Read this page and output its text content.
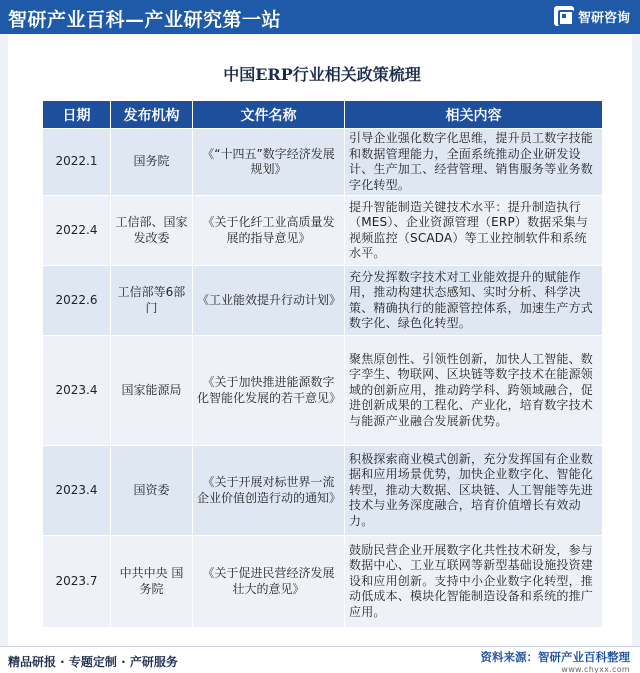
智研产业百科—产业研究第一站	智研咨询
中国ERP行业相关政策梳理
日期	发布机构	文件名称	相关内容
2022.1	国务院	《“十四五”数字经济发展规划》	引导企业强化数字化思维，提升员工数字技能和数据管理能力，全面系统推动企业研发设计、生产加工、经营管理、销售服务等业务数字化转型。
2022.4	工信部、国家发改委	《关于化纤工业高质量发展的指导意见》	提升智能制造关键技术水平：提升制造执行（MES）、企业资源管理（ERP）数据采集与视频监控（SCADA）等工业控制软件和系统水平。
2022.6	工信部等6部门	《工业能效提升行动计划》	充分发挥数字技术对工业能效提升的赋能作用，推动构建状态感知、实时分析、科学决策、精确执行的能源管控体系，加速生产方式数字化、绿色化转型。
2023.4	国家能源局	《关于加快推进能源数字化智能化发展的若干意见》	聚焦原创性、引领性创新，加快人工智能、数字孪生、物联网、区块链等数字技术在能源领域的创新应用，推动跨学科、跨领域融合，促进创新成果的工程化、产业化，培育数字技术与能源产业融合发展新优势。
2023.4	国资委	《关于开展对标世界一流企业价值创造行动的通知》	积极探索商业模式创新，充分发挥国有企业数据和应用场景优势，加快企业数字化、智能化转型，推动大数据、区块链、人工智能等先进技术与业务深度融合，培育价值增长有效动力。
2023.7	中共中央 国务院	《关于促进民营经济发展壮大的意见》	鼓励民营企业开展数字化共性技术研发，参与数据中心、工业互联网等新型基础设施投资建设和应用创新。支持中小企业数字化转型，推动低成本、模块化智能制造设备和系统的推广应用。
精品研报 · 专题定制 · 产研服务	资料来源：智研产业百科整理
www.chyxx.com
